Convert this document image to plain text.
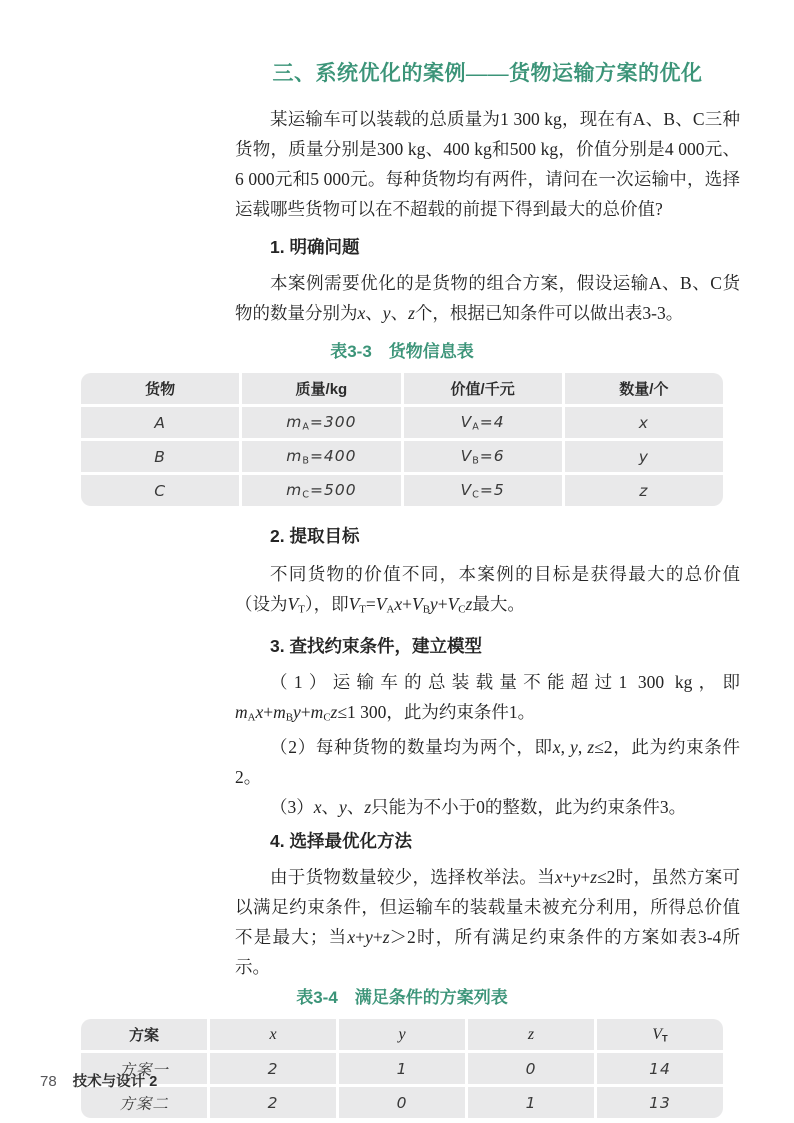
三、系统优化的案例——货物运输方案的优化

某运输车可以装载的总质量为1 300 kg，现在有A、B、C三种货物，质量分别是300 kg、400 kg和500 kg，价值分别是4 000元、6 000元和5 000元。每种货物均有两件，请问在一次运输中，选择运载哪些货物可以在不超载的前提下得到最大的总价值?

1. 明确问题

本案例需要优化的是货物的组合方案，假设运输A、B、C货物的数量分别为x、y、z个，根据已知条件可以做出表3-3。

表3-3　货物信息表
货物	质量/kg	价值/千元	数量/个
A	$m_A=300$	$V_A=4$	x
B	$m_B=400$	$V_B=6$	y
C	$m_C=500$	$V_C=5$	z
2. 提取目标

不同货物的价值不同，本案例的目标是获得最大的总价值（设为$V_T$），即$V_T=V_Ax+V_By+V_Cz$最大。

3. 查找约束条件，建立模型

（1）运输车的总装载量不能超过1 300 kg，即$m_Ax+m_By+m_Cz\le 1$ 300，此为约束条件1。

（2）每种货物的数量均为两个，即x, y, z≤2，此为约束条件2。

（3）x、y、z只能为不小于0的整数，此为约束条件3。

4. 选择最优化方法

由于货物数量较少，选择枚举法。当x+y+z≤2时，虽然方案可以满足约束条件，但运输车的装载量未被充分利用，所得总价值不是最大；当x+y+z＞2时，所有满足约束条件的方案如表3-4所示。

表3-4　满足条件的方案列表
方案	x	y	z	$V_T$
方案一	2	1	0	14
方案二	2	0	1	13
78 技术与设计 2
